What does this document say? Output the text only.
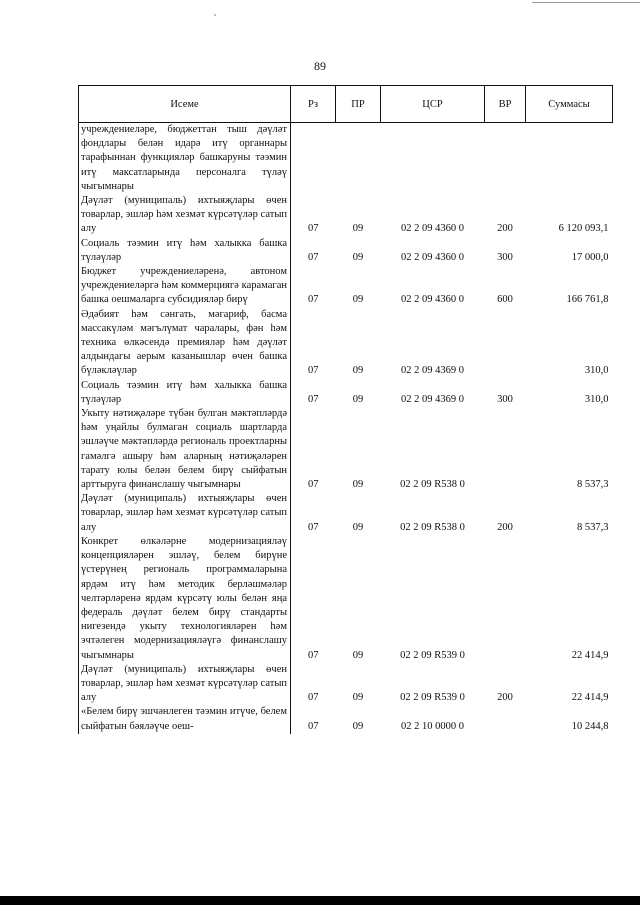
89
Исеме	Рз	ПР	ЦСР	ВР	Суммасы
учреждениеләре, бюджеттан тыш дәүләт фондлары белән идарә итү органнары тарафыннан функцияләр башкаруны тәэмин итү максатларында персоналга түләү чыгымнары					
Дәүләт (муниципаль) ихтыяҗлары өчен товарлар, эшләр һәм хезмәт күрсәтүләр сатып алу	07	09	02 2 09 4360 0	200	6 120 093,1
Социаль тәэмин итү һәм халыкка башка түләүләр	07	09	02 2 09 4360 0	300	17 000,0
Бюджет учреждениеләренә, автоном учреждениеләргә һәм коммерциягә карамаган башка оешмаларга субсидияләр бирү	07	09	02 2 09 4360 0	600	166 761,8
Әдәбият һәм сәнгать, мәгариф, басма массакүләм мәгълүмат чаралары, фән һәм техника өлкәсендә премияләр һәм дәүләт алдындагы аерым казанышлар өчен башка бүләкләүләр	07	09	02 2 09 4369 0		310,0
Социаль тәэмин итү һәм халыкка башка түләүләр	07	09	02 2 09 4369 0	300	310,0
Укыту нәтиҗәләре түбән булган мәктәпләрдә һәм уңайлы булмаган социаль шартларда эшләүче мәктәпләрдә региональ проектларны гамәлгә ашыру һәм аларның нәтиҗәләрен тарату юлы белән белем бирү сыйфатын арттыруга финанслашу чыгымнары	07	09	02 2 09 R538 0		8 537,3
Дәүләт (муниципаль) ихтыяҗлары өчен товарлар, эшләр һәм хезмәт күрсәтүләр сатып алу	07	09	02 2 09 R538 0	200	8 537,3
Конкрет өлкәләрне модернизацияләү концепцияләрен эшләү, белем бирүне үстерүнең региональ программаларына ярдәм итү һәм методик берләшмәләр челтәрләренә ярдәм күрсәтү юлы белән яңа федераль дәүләт белем бирү стандарты нигезендә укыту технологияләрен һәм эчтәлеген модернизацияләүгә финанслашу чыгымнары	07	09	02 2 09 R539 0		22 414,9
Дәүләт (муниципаль) ихтыяҗлары өчен товарлар, эшләр һәм хезмәт күрсәтүләр сатып алу	07	09	02 2 09 R539 0	200	22 414,9
«Белем бирү эшчәнлеген тәэмин итүче, белем сыйфатын бәяләүче оеш-	07	09	02 2 10 0000 0		10 244,8
